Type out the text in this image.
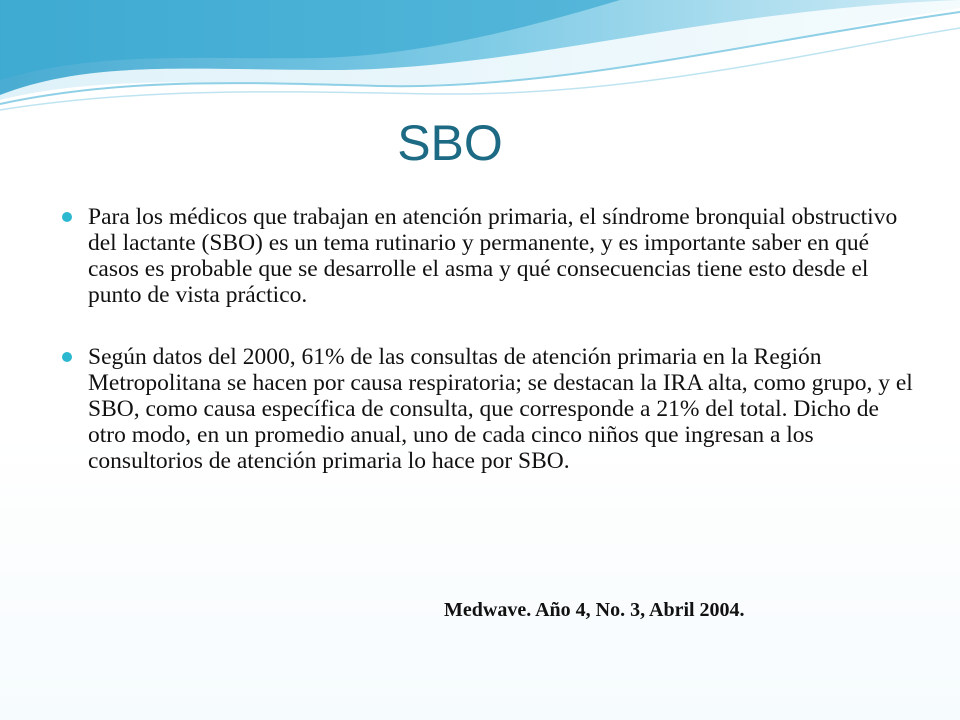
SBO
Para los médicos que trabajan en atención primaria, el síndrome bronquial obstructivo del lactante (SBO) es un tema rutinario y permanente, y es importante saber en qué casos es probable que se desarrolle el asma y qué consecuencias tiene esto desde el punto de vista práctico.
Según datos del 2000, 61% de las consultas de atención primaria en la Región Metropolitana se hacen por causa respiratoria; se destacan la IRA alta, como grupo, y el SBO, como causa específica de consulta, que corresponde a 21% del total. Dicho de otro modo, en un promedio anual, uno de cada cinco niños que ingresan a los consultorios de atención primaria lo hace por SBO.
Medwave. Año 4, No. 3, Abril 2004.
